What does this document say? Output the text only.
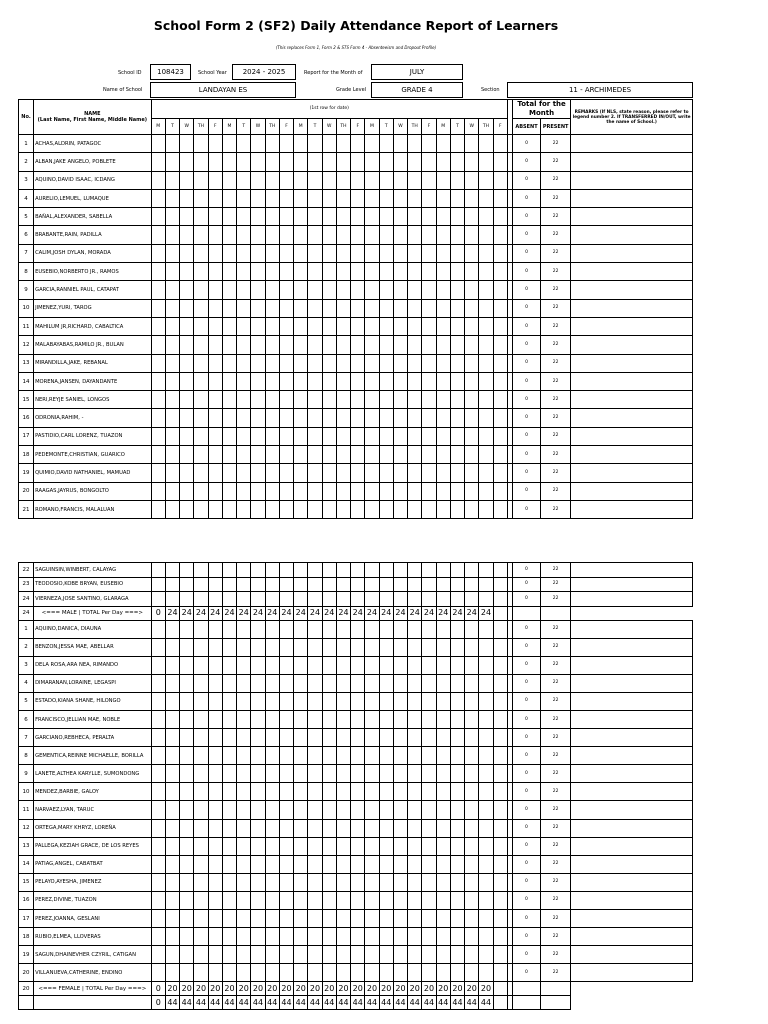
School Form 2 (SF2) Daily Attendance Report of Learners
(This replaces Form 1, Form 2 & STS Form 4 - Absenteeism and Dropout Profile)
School ID	108423	School Year	2024 - 2025	Report for the Month of	JULY
Name of School	LANDAYAN ES	Grade Level	GRADE 4	Section	11 - ARCHIMEDES
No.	NAME
(Last Name, First Name, Middle Name)	(1st row for date)																										Total for the Month		REMARKS (If NLS, state reason, please refer to legend number 2. If TRANSFERRED IN/OUT, write the name of School.)
		M	T	W	TH	F	M	T	W	TH	F	M	T	W	TH	F	M	T	W	TH	F	M	T	W	TH	F		ABSENT	PRESENT	
1	ACHAS,ALDRIN, PATAGOC																											0	22	
2	ALBAN,JAKE ANGELO, POBLETE																											0	22	
3	AQUINO,DAVID ISAAC, ICDANG																											0	22	
4	AURELIO,LEMUEL, LUMAQUE																											0	22	
5	BAÑAL,ALEXANDER, SABELLA																											0	22	
6	BRABANTE,RAIN, PADILLA																											0	22	
7	CALIM,JOSH DYLAN, MORADA																											0	22	
8	EUSEBIO,NORBERTO JR., RAMOS																											0	22	
9	GARCIA,RANNIEL PAUL, CATAPAT																											0	22	
10	JIMENEZ,YURI, TAROG																											0	22	
11	MAHILUM JR,RICHARD, CABALTICA																											0	22	
12	MALABAYABAS,RAMILO JR., BULAN																											0	22	
13	MIRANDILLA,JAKE, REBANAL																											0	22	
14	MORENA,JANSEN, DAYANDANTE																											0	22	
15	NERI,REYJE SANIEL, LONGOS																											0	22	
16	ODRONIA,RAHIM, -																											0	22	
17	PASTIDIO,CARL LORENZ, TUAZON																											0	22	
18	PEDEMONTE,CHRISTIAN, GUARICO																											0	22	
19	QUIMIO,DAVID NATHANIEL, MAMUAD																											0	22	
20	RAAGAS,JAYRUS, BONGOLTO																											0	22	
21	ROMANO,FRANCIS, MALALUAN																											0	22	
22	SAGUINSIN,WINBERT, CALAYAG																											0	22	
23	TEODOSIO,KOBE BRYAN, EUSEBIO																											0	22	
24	VIERNEZA,JOSE SANTINO, GLARAGA																											0	22	
24	<=== MALE | TOTAL Per Day ===>	0	24	24	24	24	24	24	24	24	24	24	24	24	24	24	24	24	24	24	24	24	24	24	24					
1	AQUINO,DANICA, DIAUNA																											0	22	
2	BENZON,JESSA MAE, ABELLAR																											0	22	
3	DELA ROSA,ARA NEA, RIMANDO																											0	22	
4	DIMARANAN,LORAINE, LEGASPI																											0	22	
5	ESTADO,KIANA SHANE, HILONGO																											0	22	
6	FRANCISCO,JELLIAN MAE, NOBLE																											0	22	
7	GARCIANO,REBHECA, PERALTA																											0	22	
8	GEMENTICA,REINNE MICHAELLE, BORILLA																											0	22	
9	LANETE,ALTHEA KARYLLE, SUMONDONG																											0	22	
10	MENDEZ,BARBIE, GALOY																											0	22	
11	NARVAEZ,LYAN, TARUC																											0	22	
12	ORTEGA,MARY KHRYZ, LOREÑA																											0	22	
13	PALLEGA,KEZIAH GRACE, DE LOS REYES																											0	22	
14	PATIAG,ANGEL, CABATBAT																											0	22	
15	PELAYO,AYESHA, JIMENEZ																											0	22	
16	PEREZ,DIVINE, TUAZON																											0	22	
17	PEREZ,JOANNA, GESLANI																											0	22	
18	RUBIO,ELMEA, LLOVERAS																											0	22	
19	SAGUN,DHAINEVHER CZYRIL, CATIGAN																											0	22	
20	VILLANUEVA,CATHERINE, ENDINO																											0	22	
20	<=== FEMALE | TOTAL Per Day ===>	0	20	20	20	20	20	20	20	20	20	20	20	20	20	20	20	20	20	20	20	20	20	20	20					
		0	44	44	44	44	44	44	44	44	44	44	44	44	44	44	44	44	44	44	44	44	44	44	44					
